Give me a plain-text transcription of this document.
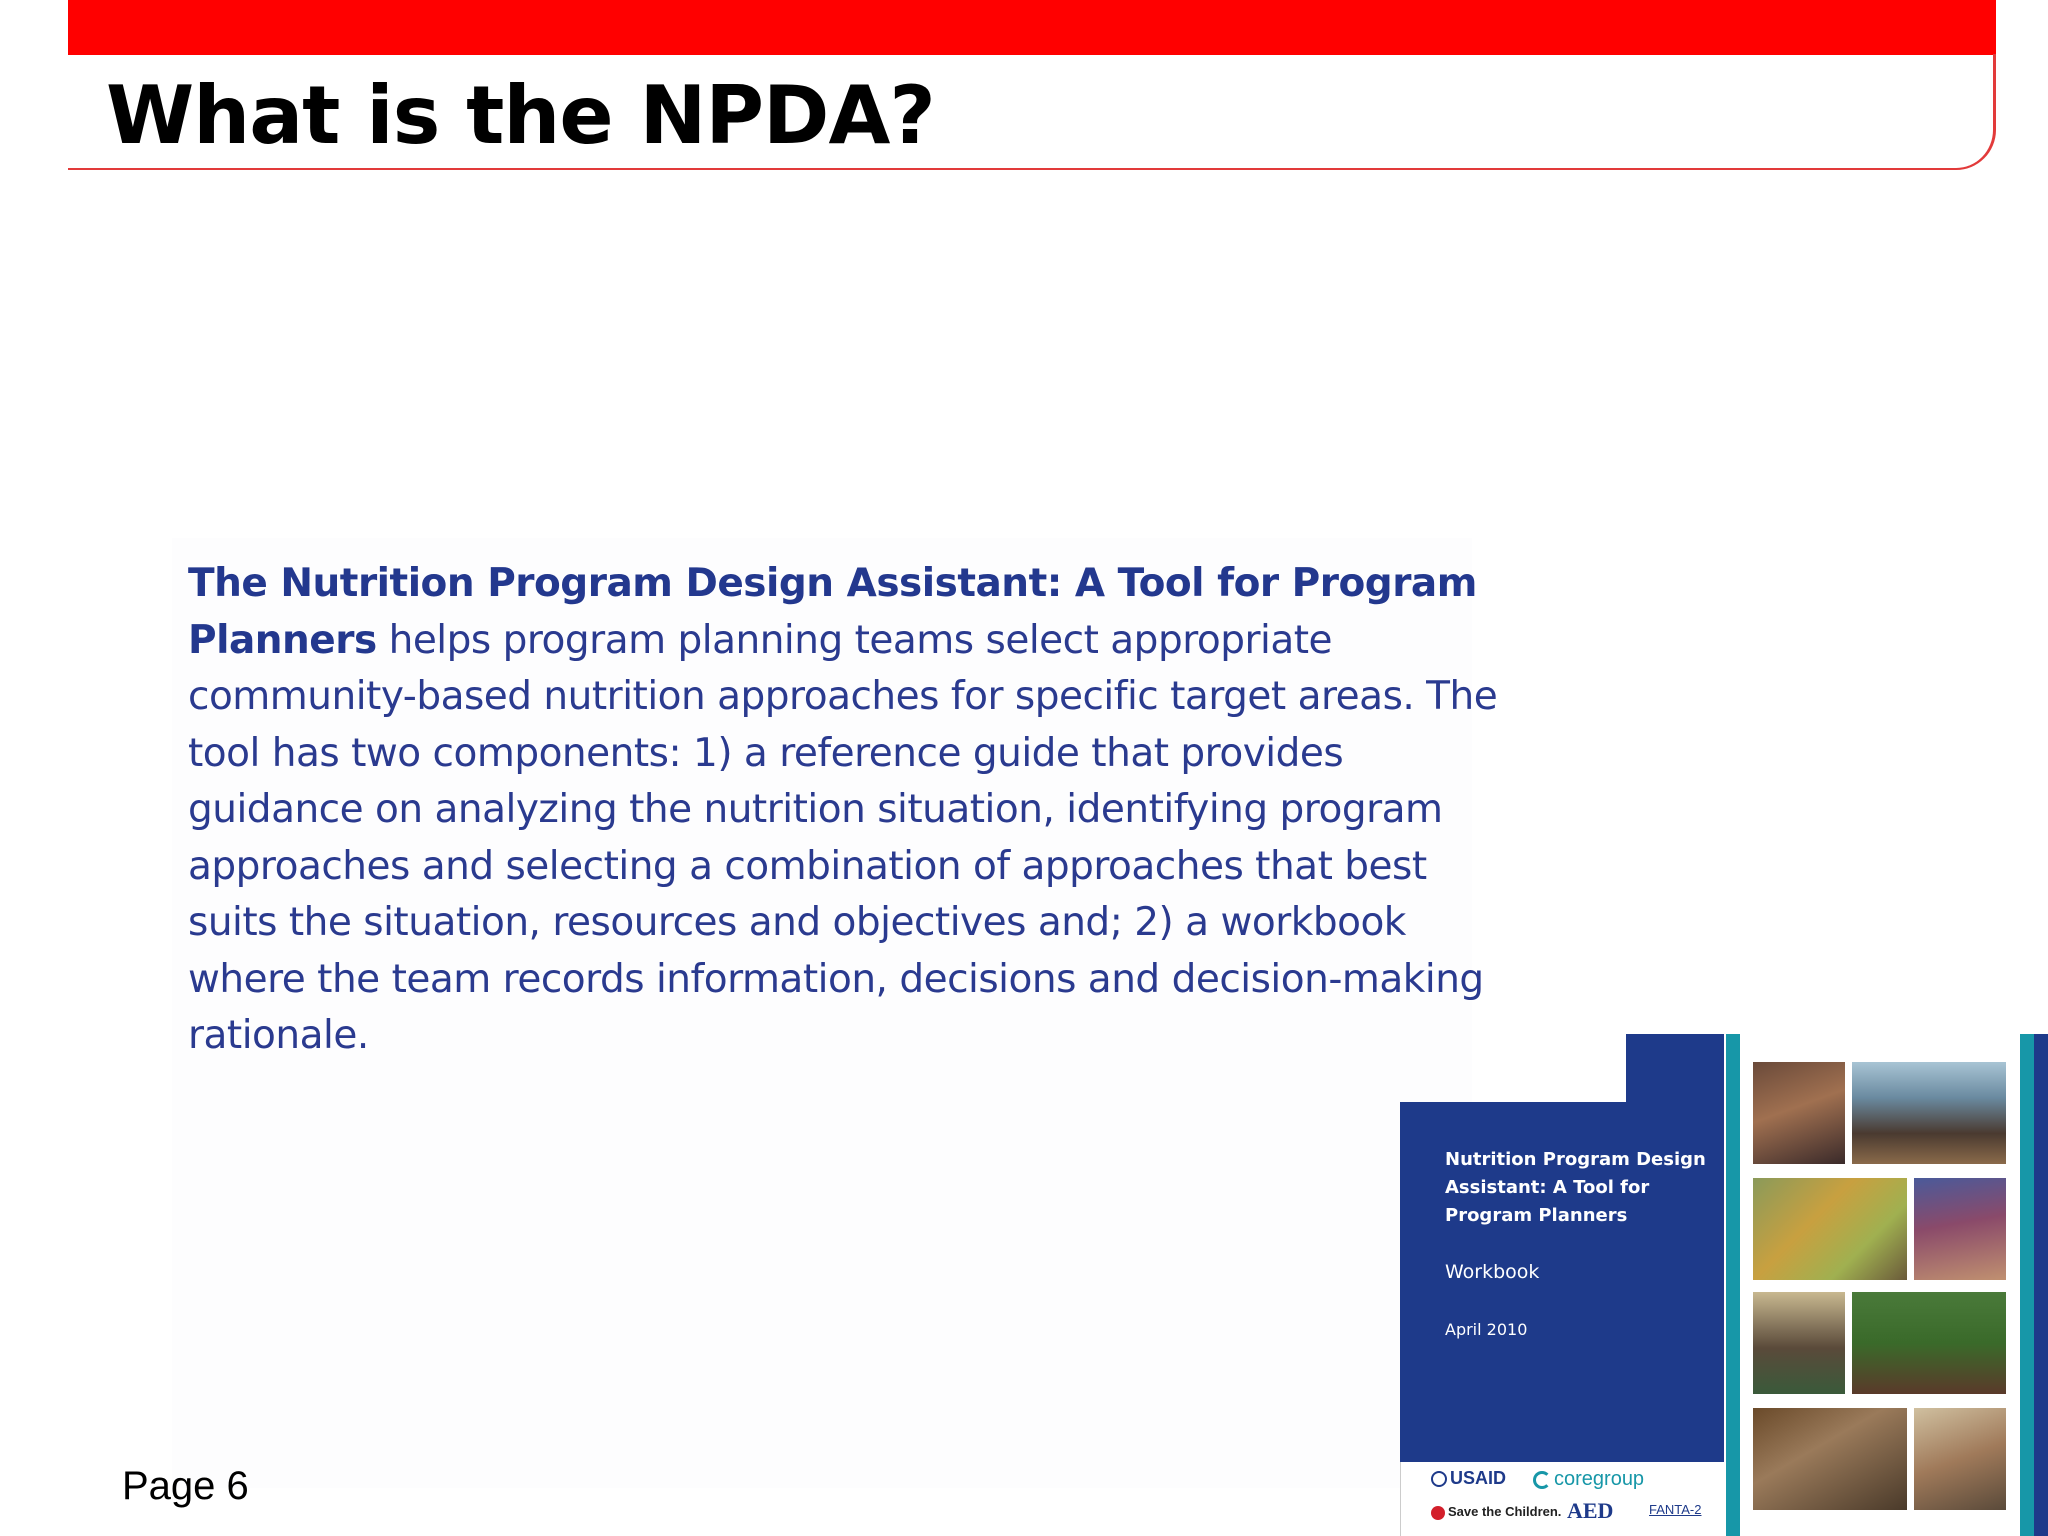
What is the NPDA?

The Nutrition Program Design Assistant: A Tool for Program Planners helps program planning teams select appropriate community-based nutrition approaches for specific target areas. The tool has two components: 1) a reference guide that provides guidance on analyzing the nutrition situation, identifying program approaches and selecting a combination of approaches that best suits the situation, resources and objectives and; 2) a workbook where the team records information, decisions and decision-making rationale.

Nutrition Program Design Assistant: A Tool for Program Planners

Workbook

April 2010

USAID	coregroup
Save the Children. AED	FANTA-2

Page 6
